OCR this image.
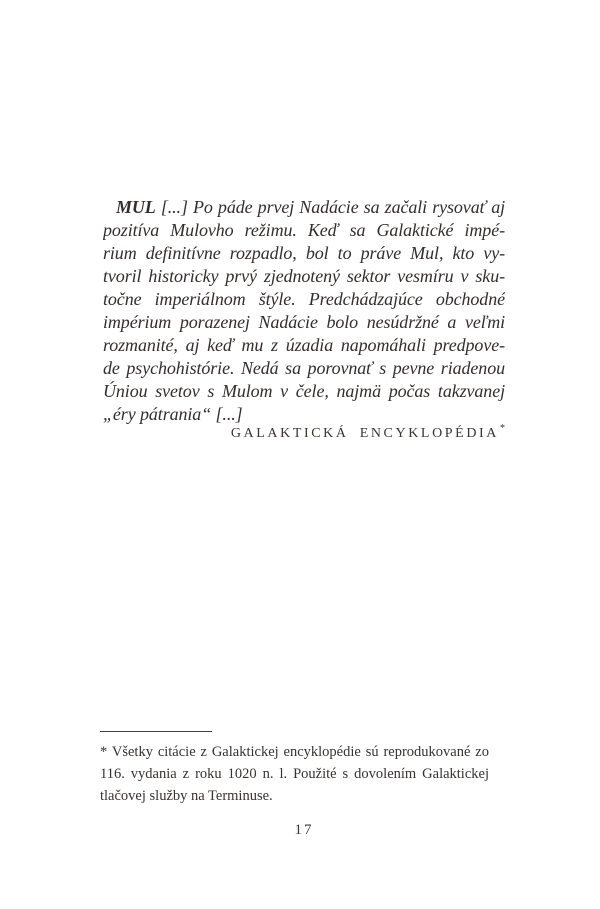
MUL [...] Po páde prvej Nadácie sa začali rysovať aj
pozitíva Mulovho režimu. Keď sa Galaktické impé-
rium definitívne rozpadlo, bol to práve Mul, kto vy-
tvoril historicky prvý zjednotený sektor vesmíru v sku-
točne imperiálnom štýle. Predchádzajúce obchodné
impérium porazenej Nadácie bolo nesúdržné a veľmi
rozmanité, aj keď mu z úzadia napomáhali predpove-
de psychohistórie. Nedá sa porovnať s pevne riadenou
Úniou svetov s Mulom v čele, najmä počas takzvanej
„éry pátrania“ [...]
GALAKTICKÁ ENCYKLOPÉDIA*
* Všetky citácie z Galaktickej encyklopédie sú reprodukované zo
116. vydania z roku 1020 n. l. Použité s dovolením Galaktickej
tlačovej služby na Terminuse.
17
